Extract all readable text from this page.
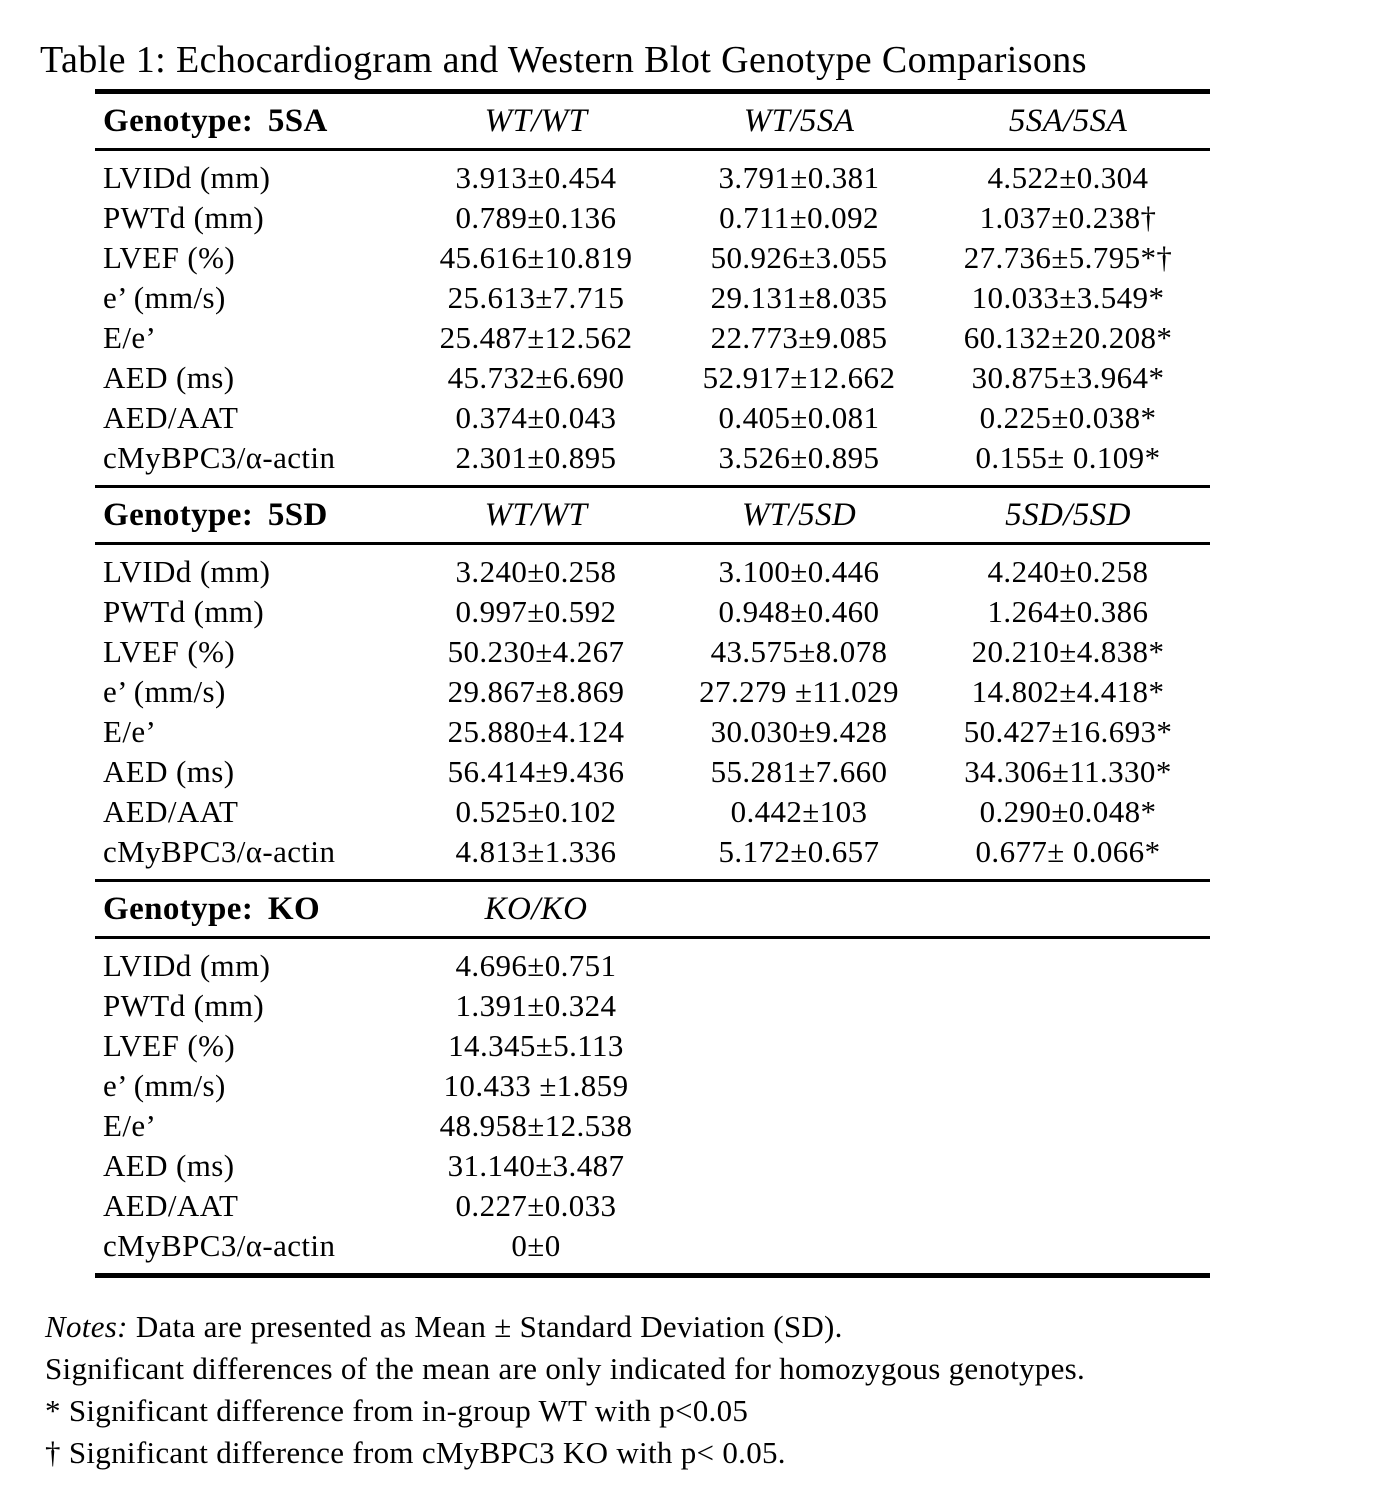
Table 1: Echocardiogram and Western Blot Genotype Comparisons
Genotype: 5SA	WT/WT	WT/5SA	5SA/5SA
LVIDd (mm)	3.913±0.454	3.791±0.381	4.522±0.304
PWTd (mm)	0.789±0.136	0.711±0.092	1.037±0.238†
LVEF (%)	45.616±10.819	50.926±3.055	27.736±5.795*†
e’ (mm/s)	25.613±7.715	29.131±8.035	10.033±3.549*
E/e’	25.487±12.562	22.773±9.085	60.132±20.208*
AED (ms)	45.732±6.690	52.917±12.662	30.875±3.964*
AED/AAT	0.374±0.043	0.405±0.081	0.225±0.038*
cMyBPC3/α-actin	2.301±0.895	3.526±0.895	0.155± 0.109*
Genotype: 5SD	WT/WT	WT/5SD	5SD/5SD
LVIDd (mm)	3.240±0.258	3.100±0.446	4.240±0.258
PWTd (mm)	0.997±0.592	0.948±0.460	1.264±0.386
LVEF (%)	50.230±4.267	43.575±8.078	20.210±4.838*
e’ (mm/s)	29.867±8.869	27.279 ±11.029	14.802±4.418*
E/e’	25.880±4.124	30.030±9.428	50.427±16.693*
AED (ms)	56.414±9.436	55.281±7.660	34.306±11.330*
AED/AAT	0.525±0.102	0.442±103	0.290±0.048*
cMyBPC3/α-actin	4.813±1.336	5.172±0.657	0.677± 0.066*
Genotype: KO	KO/KO
LVIDd (mm)	4.696±0.751
PWTd (mm)	1.391±0.324
LVEF (%)	14.345±5.113
e’ (mm/s)	10.433 ±1.859
E/e’	48.958±12.538
AED (ms)	31.140±3.487
AED/AAT	0.227±0.033
cMyBPC3/α-actin	0±0

Notes: Data are presented as Mean ± Standard Deviation (SD).

Significant differences of the mean are only indicated for homozygous genotypes.

* Significant difference from in-group WT with p<0.05

† Significant difference from cMyBPC3 KO with p< 0.05.
